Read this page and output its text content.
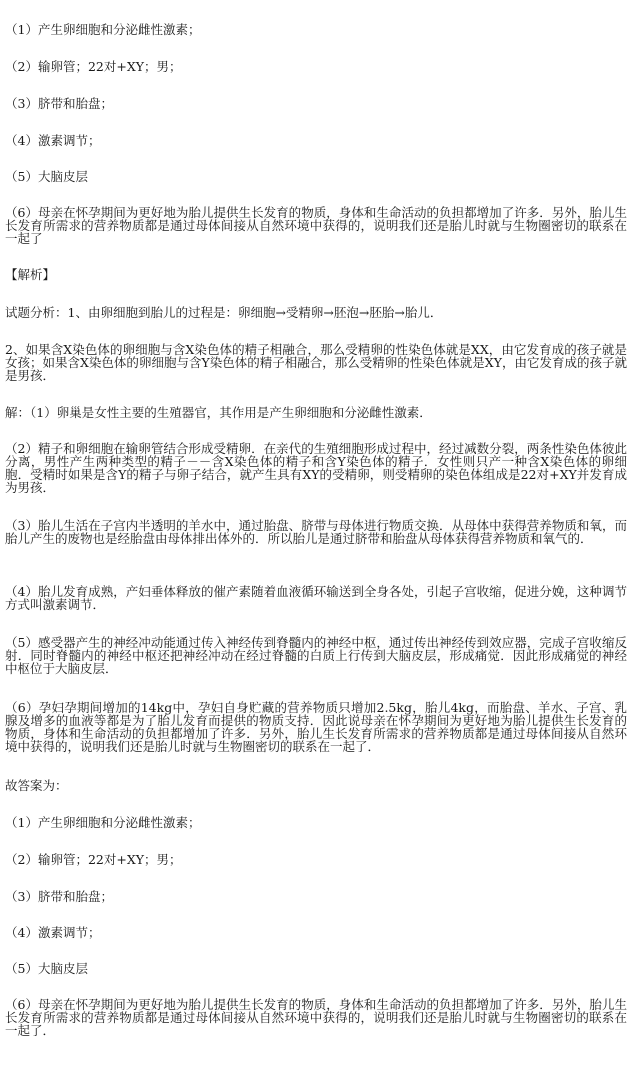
（1）产生卵细胞和分泌雌性激素；

（2）输卵管；22对+XY；男；

（3）脐带和胎盘；

（4）激素调节；

（5）大脑皮层

（6）母亲在怀孕期间为更好地为胎儿提供生长发育的物质，身体和生命活动的负担都增加了许多．另外，胎儿生长发育所需求的营养物质都是通过母体间接从自然环境中获得的，说明我们还是胎儿时就与生物圈密切的联系在一起了

【解析】

试题分析：1、由卵细胞到胎儿的过程是：卵细胞→受精卵→胚泡→胚胎→胎儿．

2、如果含X染色体的卵细胞与含X染色体的精子相融合，那么受精卵的性染色体就是XX，由它发育成的孩子就是女孩；如果含X染色体的卵细胞与含Y染色体的精子相融合，那么受精卵的性染色体就是XY，由它发育成的孩子就是男孩．

解：（1）卵巢是女性主要的生殖器官，其作用是产生卵细胞和分泌雌性激素．

（2）精子和卵细胞在输卵管结合形成受精卵．在亲代的生殖细胞形成过程中，经过减数分裂，两条性染色体彼此分离，男性产生两种类型的精子－－含X染色体的精子和含Y染色体的精子．女性则只产一种含X染色体的卵细胞．受精时如果是含Y的精子与卵子结合，就产生具有XY的受精卵，则受精卵的染色体组成是22对+XY并发育成为男孩．

（3）胎儿生活在子宫内半透明的羊水中，通过胎盘、脐带与母体进行物质交换．从母体中获得营养物质和氧，而胎儿产生的废物也是经胎盘由母体排出体外的．所以胎儿是通过脐带和胎盘从母体获得营养物质和氧气的．

（4）胎儿发育成熟，产妇垂体释放的催产素随着血液循环输送到全身各处，引起子宫收缩，促进分娩，这种调节方式叫激素调节．

（5）感受器产生的神经冲动能通过传入神经传到脊髓内的神经中枢，通过传出神经传到效应器，完成子宫收缩反射．同时脊髓内的神经中枢还把神经冲动在经过脊髓的白质上行传到大脑皮层，形成痛觉．因此形成痛觉的神经中枢位于大脑皮层．

（6）孕妇孕期间增加的14kg中，孕妇自身贮藏的营养物质只增加2.5kg，胎儿4kg，而胎盘、羊水、子宫、乳腺及增多的血液等都是为了胎儿发育而提供的物质支持．因此说母亲在怀孕期间为更好地为胎儿提供生长发育的物质，身体和生命活动的负担都增加了许多．另外，胎儿生长发育所需求的营养物质都是通过母体间接从自然环境中获得的，说明我们还是胎儿时就与生物圈密切的联系在一起了．

故答案为：

（1）产生卵细胞和分泌雌性激素；

（2）输卵管；22对+XY；男；

（3）脐带和胎盘；

（4）激素调节；

（5）大脑皮层

（6）母亲在怀孕期间为更好地为胎儿提供生长发育的物质，身体和生命活动的负担都增加了许多．另外，胎儿生长发育所需求的营养物质都是通过母体间接从自然环境中获得的，说明我们还是胎儿时就与生物圈密切的联系在一起了．
